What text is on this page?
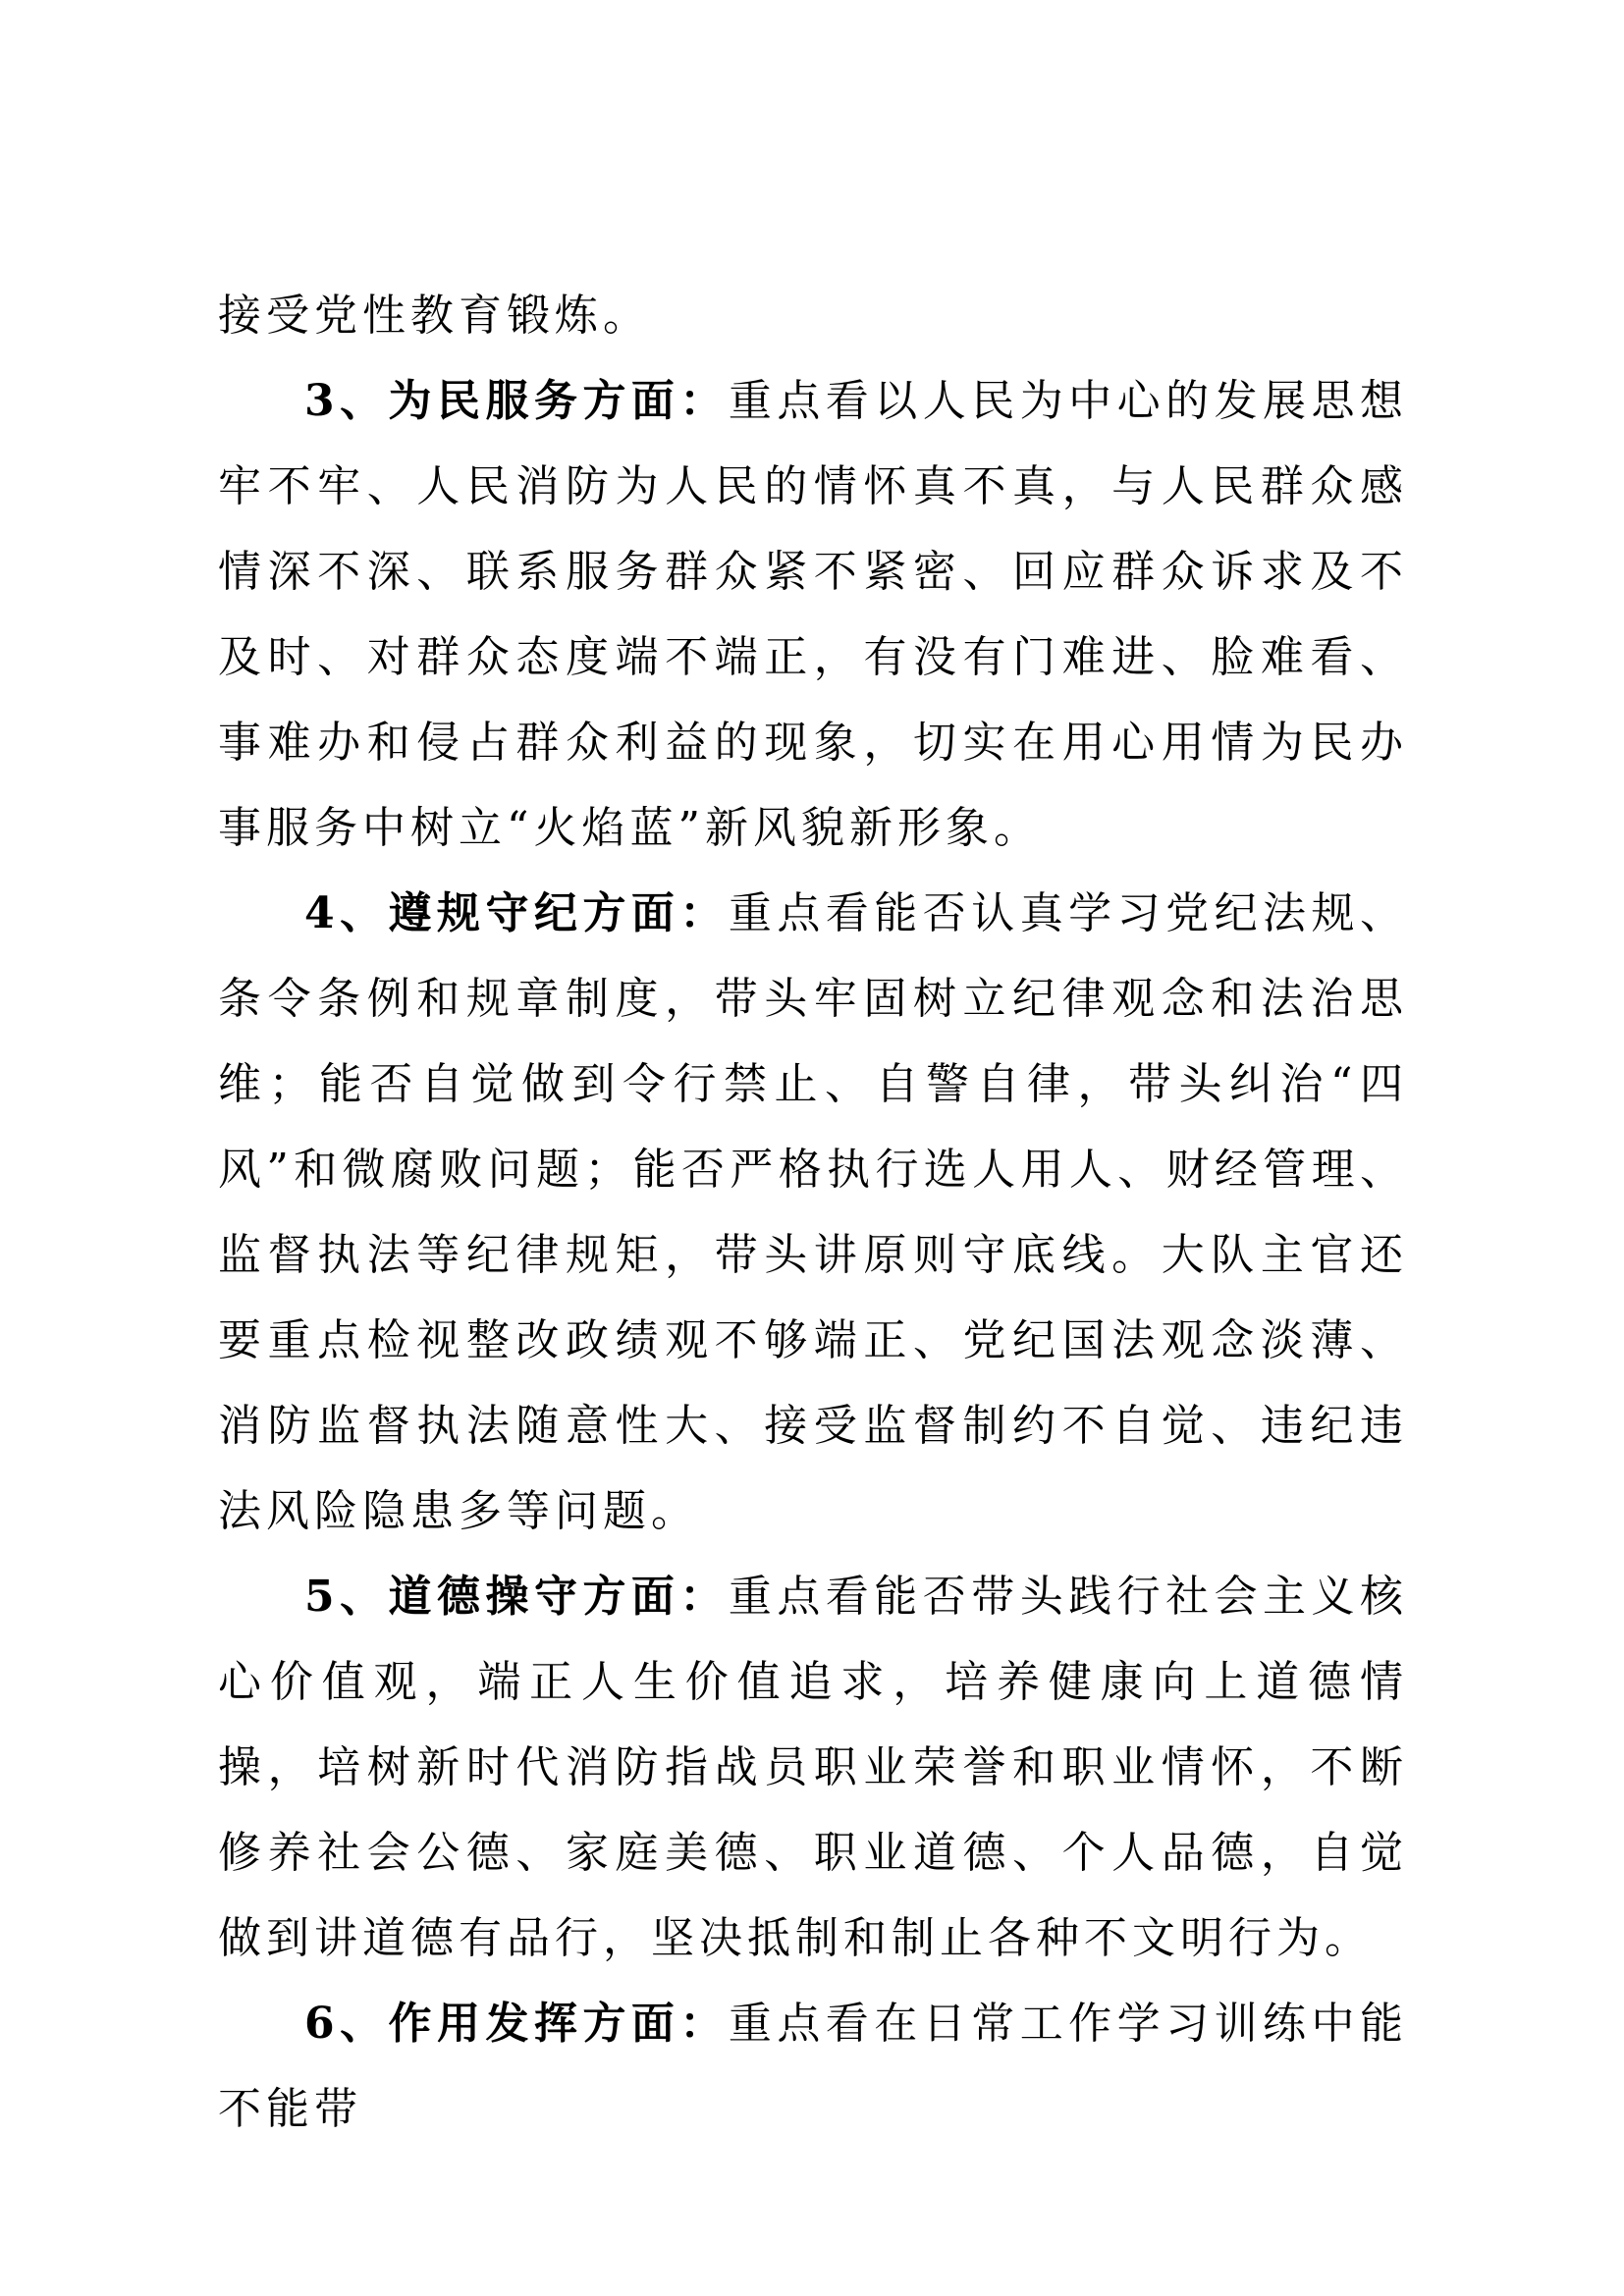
接受党性教育锻炼。

3、为民服务方面：重点看以人民为中心的发展思想牢不牢、人民消防为人民的情怀真不真，与人民群众感情深不深、联系服务群众紧不紧密、回应群众诉求及不及时、对群众态度端不端正，有没有门难进、脸难看、事难办和侵占群众利益的现象，切实在用心用情为民办事服务中树立“火焰蓝”新风貌新形象。

4、遵规守纪方面：重点看能否认真学习党纪法规、条令条例和规章制度，带头牢固树立纪律观念和法治思维；能否自觉做到令行禁止、自警自律，带头纠治“四风”和微腐败问题；能否严格执行选人用人、财经管理、监督执法等纪律规矩，带头讲原则守底线。大队主官还要重点检视整改政绩观不够端正、党纪国法观念淡薄、消防监督执法随意性大、接受监督制约不自觉、违纪违法风险隐患多等问题。

5、道德操守方面：重点看能否带头践行社会主义核心价值观，端正人生价值追求，培养健康向上道德情操，培树新时代消防指战员职业荣誉和职业情怀，不断修养社会公德、家庭美德、职业道德、个人品德，自觉做到讲道德有品行，坚决抵制和制止各种不文明行为。

6、作用发挥方面：重点看在日常工作学习训练中能不能带
